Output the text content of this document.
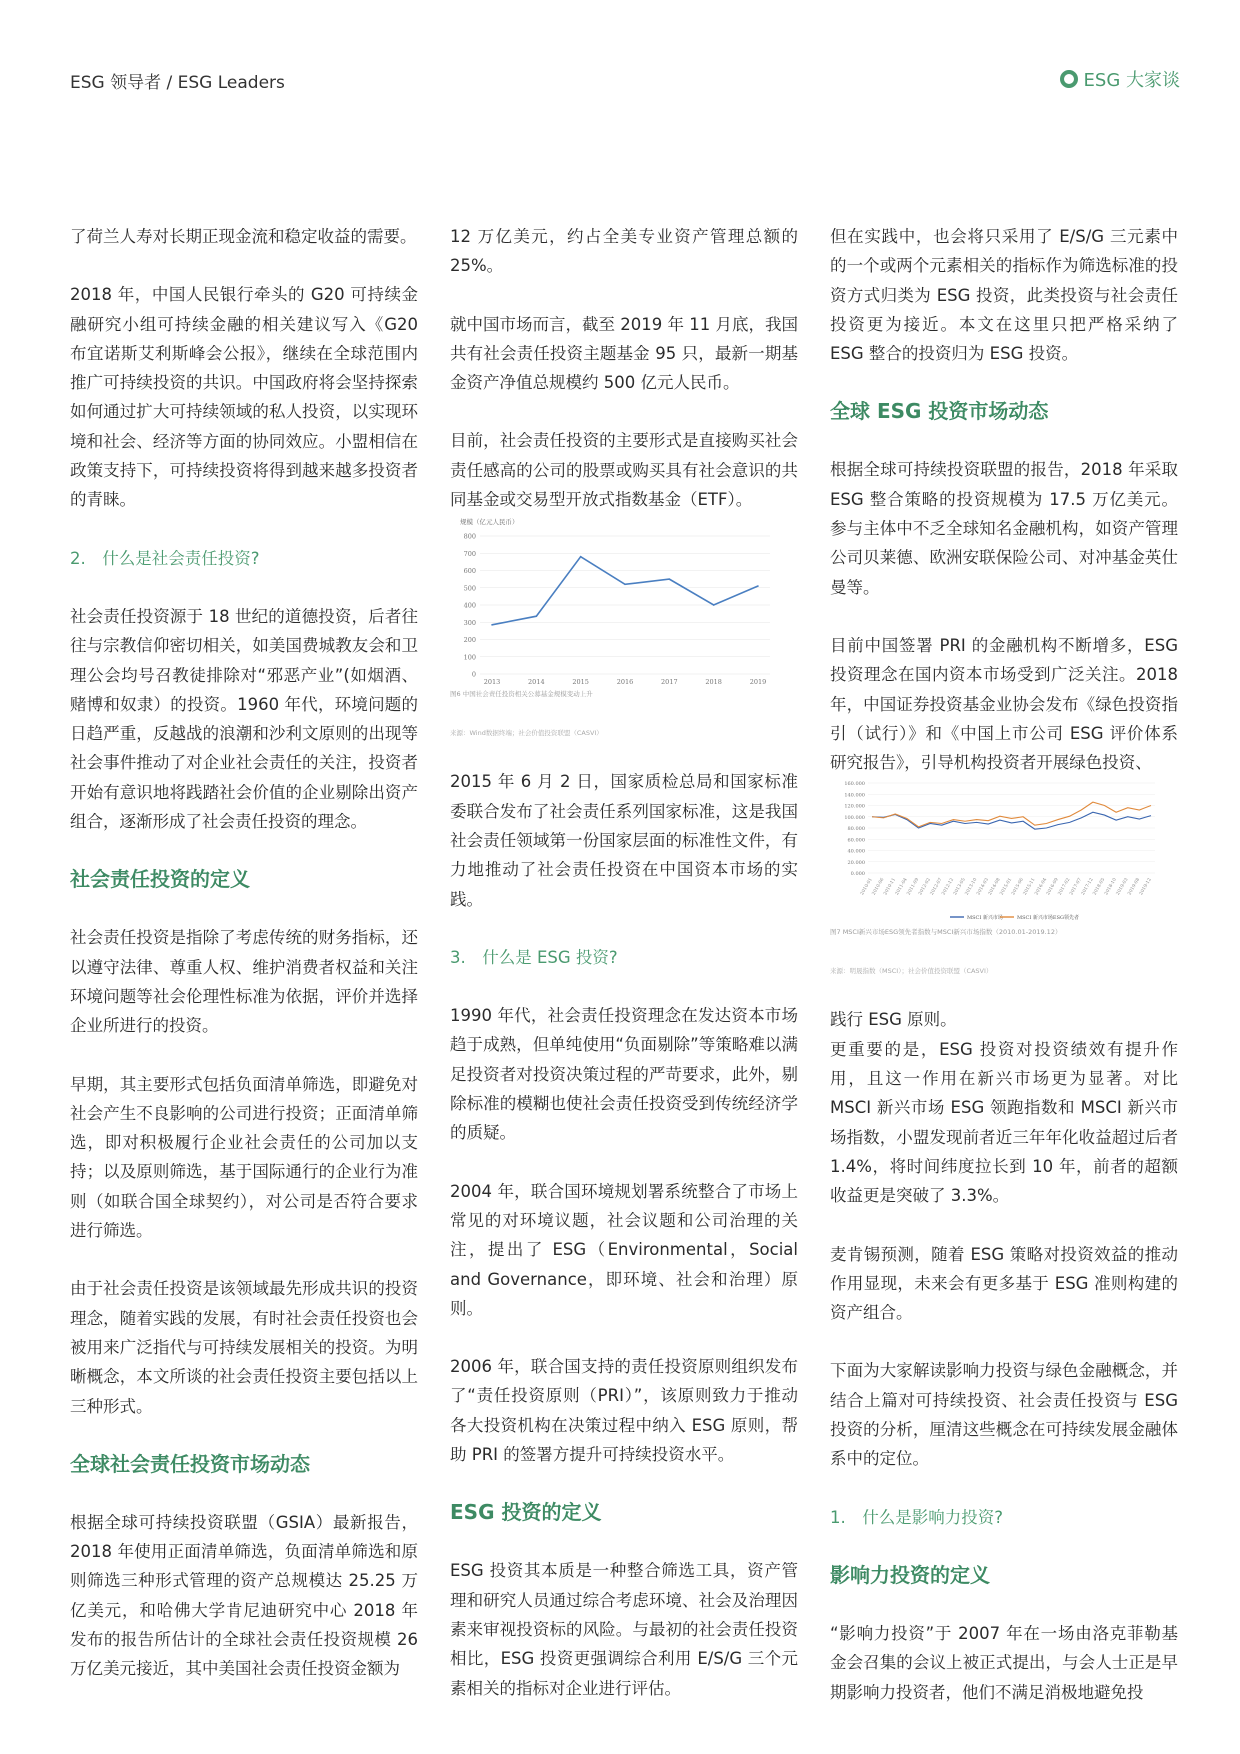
ESG 领导者 / ESG Leaders	ESG 大家谈

了荷兰人寿对长期正现金流和稳定收益的需要。

2018 年，中国人民银行牵头的 G20 可持续金融研究小组可持续金融的相关建议写入《G20 布宜诺斯艾利斯峰会公报》，继续在全球范围内推广可持续投资的共识。中国政府将会坚持探索如何通过扩大可持续领域的私人投资，以实现环境和社会、经济等方面的协同效应。小盟相信在政策支持下，可持续投资将得到越来越多投资者的青睐。

2.　什么是社会责任投资?

社会责任投资源于 18 世纪的道德投资，后者往往与宗教信仰密切相关，如美国费城教友会和卫理公会均号召教徒排除对“邪恶产业”(如烟酒、赌博和奴隶）的投资。1960 年代，环境问题的日趋严重，反越战的浪潮和沙利文原则的出现等社会事件推动了对企业社会责任的关注，投资者开始有意识地将践踏社会价值的企业剔除出资产组合，逐渐形成了社会责任投资的理念。

社会责任投资的定义

社会责任投资是指除了考虑传统的财务指标，还以遵守法律、尊重人权、维护消费者权益和关注环境问题等社会伦理性标准为依据，评价并选择企业所进行的投资。

早期，其主要形式包括负面清单筛选，即避免对社会产生不良影响的公司进行投资；正面清单筛选，即对积极履行企业社会责任的公司加以支持；以及原则筛选，基于国际通行的企业行为准则（如联合国全球契约），对公司是否符合要求进行筛选。

由于社会责任投资是该领域最先形成共识的投资理念，随着实践的发展，有时社会责任投资也会被用来广泛指代与可持续发展相关的投资。为明晰概念，本文所谈的社会责任投资主要包括以上三种形式。

全球社会责任投资市场动态

根据全球可持续投资联盟（GSIA）最新报告，2018 年使用正面清单筛选，负面清单筛选和原则筛选三种形式管理的资产总规模达 25.25 万亿美元，和哈佛大学肯尼迪研究中心 2018 年发布的报告所估计的全球社会责任投资规模 26 万亿美元接近，其中美国社会责任投资金额为

12 万亿美元，约占全美专业资产管理总额的 25%。

就中国市场而言，截至 2019 年 11 月底，我国共有社会责任投资主题基金 95 只，最新一期基金资产净值总规模约 500 亿元人民币。

目前，社会责任投资的主要形式是直接购买社会责任感高的公司的股票或购买具有社会意识的共同基金或交易型开放式指数基金（ETF）。

规模（亿元人民币）
0
100
200
300
400
500
600
700
800
2013	2014	2015	2016	2017	2018	2019

图6 中国社会责任投资相关公募基金规模变动上升

来源：Wind数据终端；社会价值投资联盟（CASVI）

2015 年 6 月 2 日，国家质检总局和国家标准委联合发布了社会责任系列国家标准，这是我国社会责任领域第一份国家层面的标准性文件，有力地推动了社会责任投资在中国资本市场的实践。

3.　什么是 ESG 投资?

1990 年代，社会责任投资理念在发达资本市场趋于成熟，但单纯使用“负面剔除”等策略难以满足投资者对投资决策过程的严苛要求，此外，剔除标准的模糊也使社会责任投资受到传统经济学的质疑。

2004 年，联合国环境规划署系统整合了市场上常见的对环境议题，社会议题和公司治理的关注，提出了 ESG（Environmental，Social and Governance，即环境、社会和治理）原则。

2006 年，联合国支持的责任投资原则组织发布了“责任投资原则（PRI）”，该原则致力于推动各大投资机构在决策过程中纳入 ESG 原则，帮助 PRI 的签署方提升可持续投资水平。

ESG 投资的定义

ESG 投资其本质是一种整合筛选工具，资产管理和研究人员通过综合考虑环境、社会及治理因素来审视投资标的风险。与最初的社会责任投资相比，ESG 投资更强调综合利用 E/S/G 三个元素相关的指标对企业进行评估。

但在实践中，也会将只采用了 E/S/G 三元素中的一个或两个元素相关的指标作为筛选标准的投资方式归类为 ESG 投资，此类投资与社会责任投资更为接近。本文在这里只把严格采纳了 ESG 整合的投资归为 ESG 投资。

全球 ESG 投资市场动态

根据全球可持续投资联盟的报告，2018 年采取 ESG 整合策略的投资规模为 17.5 万亿美元。参与主体中不乏全球知名金融机构，如资产管理公司贝莱德、欧洲安联保险公司、对冲基金英仕曼等。

目前中国签署 PRI 的金融机构不断增多，ESG 投资理念在国内资本市场受到广泛关注。2018 年，中国证券投资基金业协会发布《绿色投资指引（试行）》和《中国上市公司 ESG 评价体系研究报告》，引导机构投资者开展绿色投资、

0.000
20.000
40.000
60.000
80.000
100.000
120.000
140.000
160.000
2010-01
2010-06
2010-11
2011-04
2011-09
2012-02
2012-07
2012-12
2013-05
2013-10
2014-03
2014-08
2015-01
2015-06
2015-11
2016-04
2016-09
2017-02
2017-07
2017-12
2018-05
2018-10
2019-03
2019-08
2019-12
MSCI 新兴市场	MSCI 新兴市场ESG领先者

图7 MSCI新兴市场ESG领先者指数与MSCI新兴市场指数（2010.01-2019.12）

来源：明晟指数（MSCI）；社会价值投资联盟（CASVI）

践行 ESG 原则。

更重要的是，ESG 投资对投资绩效有提升作用，且这一作用在新兴市场更为显著。对比 MSCI 新兴市场 ESG 领跑指数和 MSCI 新兴市场指数，小盟发现前者近三年年化收益超过后者 1.4%，将时间纬度拉长到 10 年，前者的超额收益更是突破了 3.3%。

麦肯锡预测，随着 ESG 策略对投资效益的推动作用显现，未来会有更多基于 ESG 准则构建的资产组合。

下面为大家解读影响力投资与绿色金融概念，并结合上篇对可持续投资、社会责任投资与 ESG 投资的分析，厘清这些概念在可持续发展金融体系中的定位。

1.　什么是影响力投资?
影响力投资的定义

“影响力投资”于 2007 年在一场由洛克菲勒基金会召集的会议上被正式提出，与会人士正是早期影响力投资者，他们不满足消极地避免投
